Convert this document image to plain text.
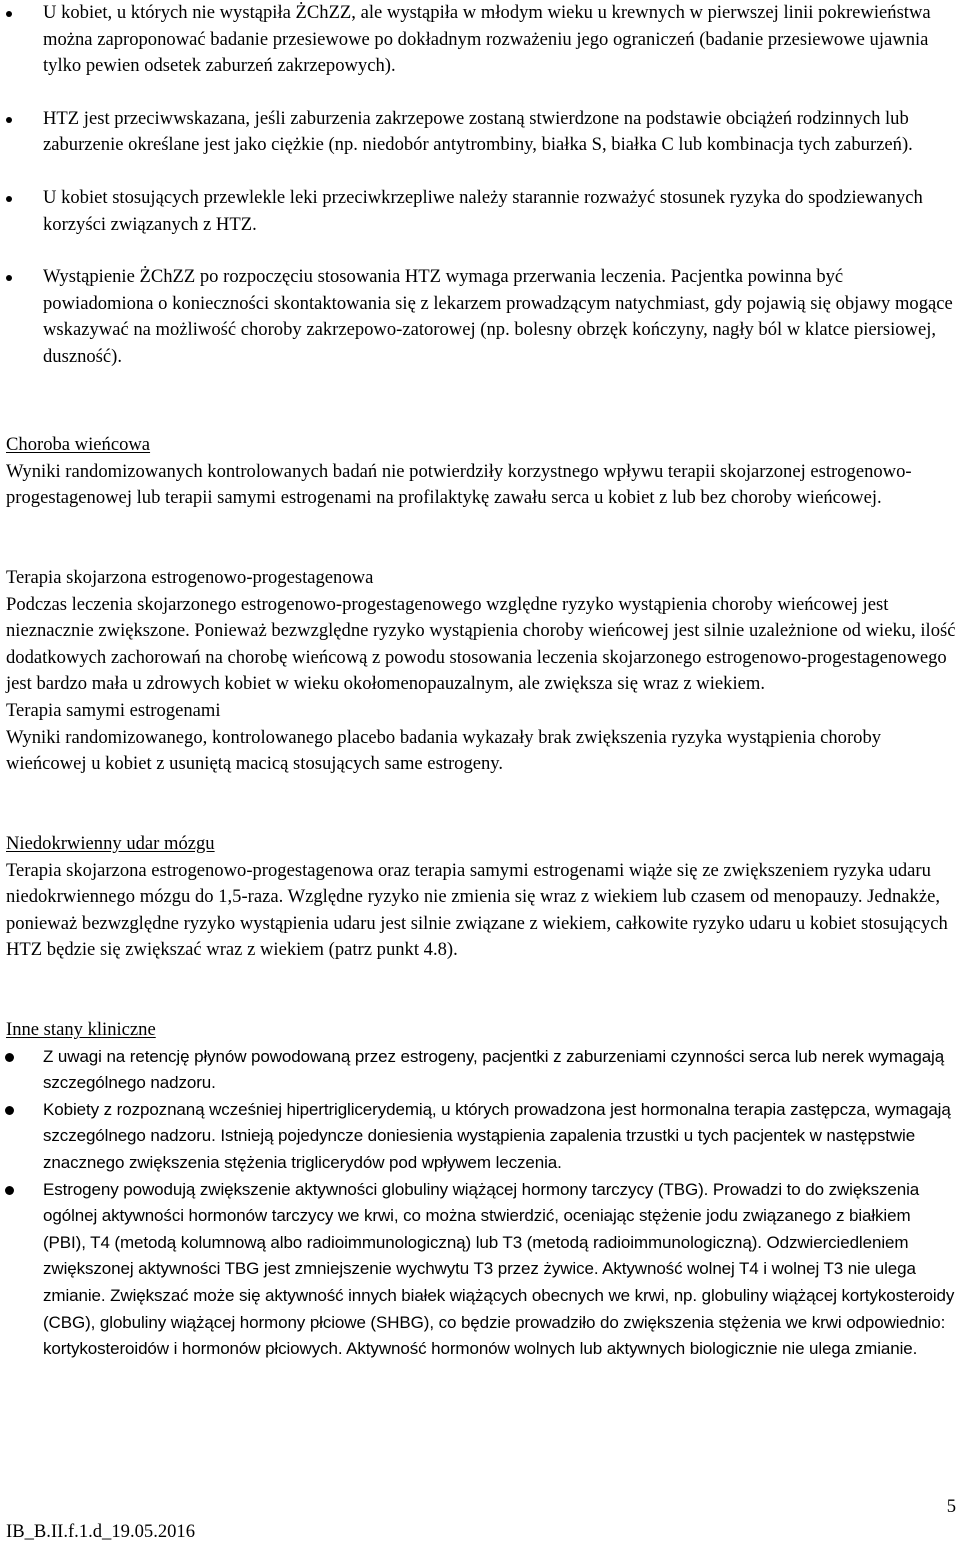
U kobiet, u których nie wystąpiła ŻChZZ, ale wystąpiła w młodym wieku u krewnych w pierwszej linii pokrewieństwa można zaproponować badanie przesiewowe po dokładnym rozważeniu jego ograniczeń (badanie przesiewowe ujawnia tylko pewien odsetek zaburzeń zakrzepowych).
HTZ jest przeciwwskazana, jeśli zaburzenia zakrzepowe zostaną stwierdzone na podstawie obciążeń rodzinnych lub zaburzenie określane jest jako ciężkie (np. niedobór antytrombiny, białka S, białka C lub kombinacja tych zaburzeń).
U kobiet stosujących przewlekle leki przeciwkrzepliwe należy starannie rozważyć stosunek ryzyka do spodziewanych korzyści związanych z HTZ.
Wystąpienie ŻChZZ po rozpoczęciu stosowania HTZ wymaga przerwania leczenia. Pacjentka powinna być powiadomiona o konieczności skontaktowania się z lekarzem prowadzącym natychmiast, gdy pojawią się objawy mogące wskazywać na możliwość choroby zakrzepowo-zatorowej (np. bolesny obrzęk kończyny, nagły ból w klatce piersiowej, duszność).
Choroba wieńcowa
Wyniki randomizowanych kontrolowanych badań nie potwierdziły korzystnego wpływu terapii skojarzonej estrogenowo-progestagenowej lub terapii samymi estrogenami na profilaktykę zawału serca u kobiet z lub bez choroby wieńcowej.
Terapia skojarzona estrogenowo-progestagenowa
Podczas leczenia skojarzonego estrogenowo-progestagenowego względne ryzyko wystąpienia choroby wieńcowej jest nieznacznie zwiększone. Ponieważ bezwzględne ryzyko wystąpienia choroby wieńcowej jest silnie uzależnione od wieku, ilość dodatkowych zachorowań na chorobę wieńcową z powodu stosowania leczenia skojarzonego estrogenowo-progestagenowego jest bardzo mała u zdrowych kobiet w wieku okołomenopauzalnym, ale zwiększa się wraz z wiekiem.
Terapia samymi estrogenami
Wyniki randomizowanego, kontrolowanego placebo badania wykazały brak zwiększenia ryzyka wystąpienia choroby wieńcowej u kobiet z usuniętą macicą stosujących same estrogeny.
Niedokrwienny udar mózgu
Terapia skojarzona estrogenowo-progestagenowa oraz terapia samymi estrogenami wiąże się ze zwiększeniem ryzyka udaru niedokrwiennego mózgu do 1,5-raza. Względne ryzyko nie zmienia się wraz z wiekiem lub czasem od menopauzy. Jednakże, ponieważ bezwzględne ryzyko wystąpienia udaru jest silnie związane z wiekiem, całkowite ryzyko udaru u kobiet stosujących HTZ będzie się zwiększać wraz z wiekiem (patrz punkt 4.8).
Inne stany kliniczne
Z uwagi na retencję płynów powodowaną przez estrogeny, pacjentki z zaburzeniami czynności serca lub nerek wymagają szczególnego nadzoru.
Kobiety z rozpoznaną wcześniej hipertriglicerydemią, u których prowadzona jest hormonalna terapia zastępcza, wymagają szczególnego nadzoru. Istnieją pojedyncze doniesienia wystąpienia zapalenia trzustki u tych pacjentek w następstwie znacznego zwiększenia stężenia triglicerydów pod wpływem leczenia.
Estrogeny powodują zwiększenie aktywności globuliny wiążącej hormony tarczycy (TBG). Prowadzi to do zwiększenia ogólnej aktywności hormonów tarczycy we krwi, co można stwierdzić, oceniając stężenie jodu związanego z białkiem (PBI), T4 (metodą kolumnową albo radioimmunologiczną) lub T3 (metodą radioimmunologiczną). Odzwierciedleniem zwiększonej aktywności TBG jest zmniejszenie wychwytu T3 przez żywice. Aktywność wolnej T4 i wolnej T3 nie ulega zmianie. Zwiększać może się aktywność innych białek wiążących obecnych we krwi, np. globuliny wiążącej kortykosteroidy (CBG), globuliny wiążącej hormony płciowe (SHBG), co będzie prowadziło do zwiększenia stężenia we krwi odpowiednio: kortykosteroidów i hormonów płciowych. Aktywność hormonów wolnych lub aktywnych biologicznie nie ulega zmianie.
5
IB_B.II.f.1.d_19.05.2016
